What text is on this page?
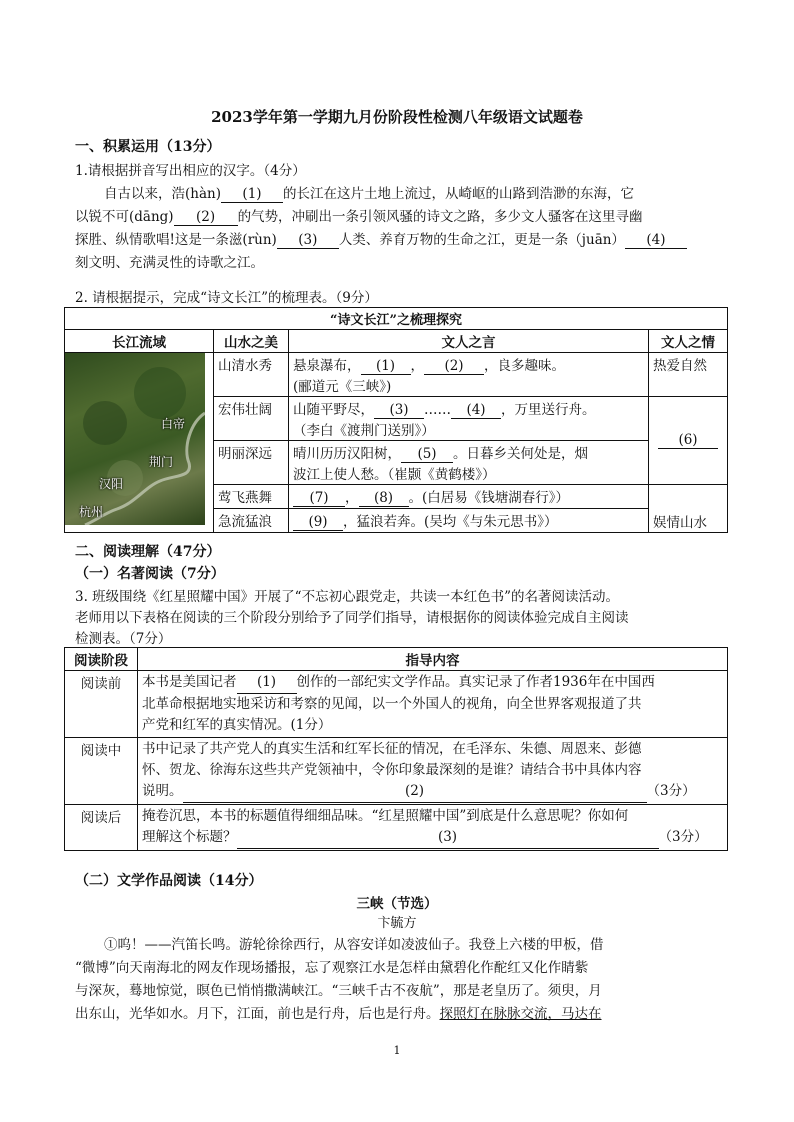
2023学年第一学期九月份阶段性检测八年级语文试题卷
一、积累运用（13分）
1.请根据拼音写出相应的汉字。（4分）
自古以来，浩(hàn) (1) 的长江在这片土地上流过，从崎岖的山路到浩渺的东海，它
以锐不可(dāng) (2) 的气势，冲刷出一条引领风骚的诗文之路，多少文人骚客在这里寻幽
探胜、纵情歌唱!这是一条滋(rùn) (3) 人类、养育万物的生命之江，更是一条（juān） (4)
刻文明、充满灵性的诗歌之江。
2. 请根据提示，完成“诗文长江”的梳理表。（9分）
“诗文长江”之梳理探究			
长江流域	山水之美	文人之言	文人之情

白帝
荆门
汉阳
杭州	山清水秀	悬泉瀑布， (1) ， (2) ，良多趣味。
(郦道元《三峡》)	热爱自然
	宏伟壮阔	山随平野尽， (3) …… (4) ，万里送行舟。
（李白《渡荆门送别》）	(6)
	明丽深远	晴川历历汉阳树， (5) 。日暮乡关何处是，烟
波江上使人愁。（崔颢《黄鹤楼》）	
	莺飞燕舞	(7) ， (8) 。(白居易《钱塘湖春行》）	娱情山水
	急流猛浪	(9) ，猛浪若奔。(吴均《与朱元思书》）	
二、阅读理解（47分）
（一）名著阅读（7分）
3. 班级围绕《红星照耀中国》开展了“不忘初心跟党走，共读一本红色书”的名著阅读活动。
老师用以下表格在阅读的三个阶段分别给予了同学们指导，请根据你的阅读体验完成自主阅读
检测表。（7分）
阅读阶段	指导内容
阅读前	本书是美国记者 (1) 创作的一部纪实文学作品。真实记录了作者1936年在中国西
北革命根据地实地采访和考察的见闻，以一个外国人的视角，向全世界客观报道了共
产党和红军的真实情况。(1分）
阅读中	书中记录了共产党人的真实生活和红军长征的情况，在毛泽东、朱德、周恩来、彭德
怀、贺龙、徐海东这些共产党领袖中，令你印象最深刻的是谁？请结合书中具体内容
说明。 (2) （3分）
阅读后	掩卷沉思，本书的标题值得细细品味。“红星照耀中国”到底是什么意思呢？你如何
理解这个标题？ (3) （3分）
（二）文学作品阅读（14分）
三峡（节选）
卞毓方
①呜！——汽笛长鸣。游轮徐徐西行，从容安详如凌波仙子。我登上六楼的甲板，借
“微博”向天南海北的网友作现场播报，忘了观察江水是怎样由黛碧化作酡红又化作睛紫
与深灰，蓦地惊觉，暝色已悄悄撒满峡江。“三峡千古不夜航”，那是老皇历了。须臾，月
出东山，光华如水。月下，江面，前也是行舟，后也是行舟。探照灯在脉脉交流，马达在
1
